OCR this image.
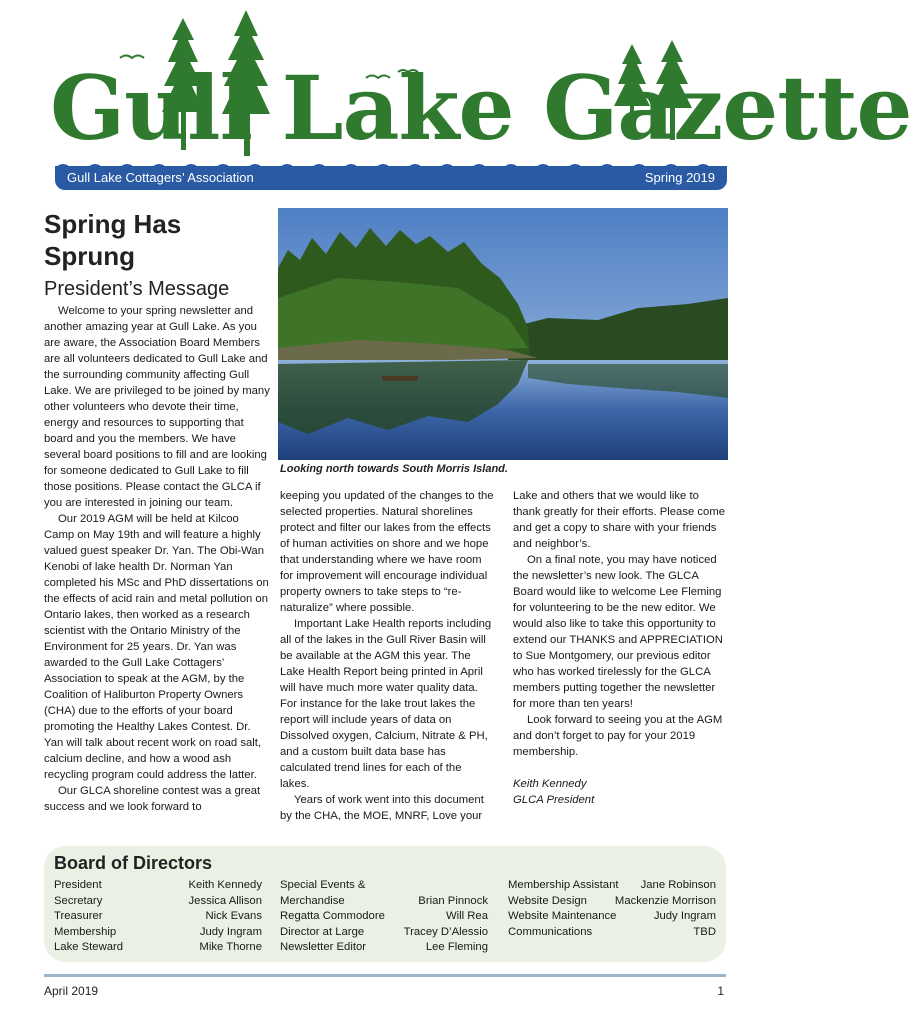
Gull Lake Gazette
Gull Lake Cottagers’ Association	Spring 2019
Spring Has
Sprung
President’s Message

Welcome to your spring newsletter and another amazing year at Gull Lake. As you are aware, the Association Board Members are all volunteers dedicated to Gull Lake and the surrounding community affecting Gull Lake. We are privileged to be joined by many other volunteers who devote their time, energy and resources to supporting that board and you the members. We have several board positions to fill and are looking for someone dedicated to Gull Lake to fill those positions. Please contact the GLCA if you are interested in joining our team.

Our 2019 AGM will be held at Kilcoo Camp on May 19th and will feature a highly valued guest speaker Dr. Yan. The Obi-Wan Kenobi of lake health Dr. Norman Yan completed his MSc and PhD dissertations on the effects of acid rain and metal pollution on Ontario lakes, then worked as a research scientist with the Ontario Ministry of the Environment for 25 years. Dr. Yan was awarded to the Gull Lake Cottagers’ Association to speak at the AGM, by the Coalition of Haliburton Property Owners (CHA) due to the efforts of your board promoting the Healthy Lakes Contest. Dr. Yan will talk about recent work on road salt, calcium decline, and how a wood ash recycling program could address the latter.

Our GLCA shoreline contest was a great success and we look forward to

Looking north towards South Morris Island.

keeping you updated of the changes to the selected properties. Natural shorelines protect and filter our lakes from the effects of human activities on shore and we hope that understanding where we have room for improvement will encourage individual property owners to take steps to “re-naturalize” where possible.

Important Lake Health reports including all of the lakes in the Gull River Basin will be available at the AGM this year. The Lake Health Report being printed in April will have much more water quality data. For instance for the lake trout lakes the report will include years of data on Dissolved oxygen, Calcium, Nitrate & PH, and a custom built data base has calculated trend lines for each of the lakes.

Years of work went into this document by the CHA, the MOE, MNRF, Love your

Lake and others that we would like to thank greatly for their efforts. Please come and get a copy to share with your friends and neighbor’s.

On a final note, you may have noticed the newsletter’s new look. The GLCA Board would like to welcome Lee Fleming for volunteering to be the new editor. We would also like to take this opportunity to extend our THANKS and APPRECIATION to Sue Montgomery, our previous editor who has worked tirelessly for the GLCA members putting together the newsletter for more than ten years!

Look forward to seeing you at the AGM and don’t forget to pay for your 2019 membership.

Keith Kennedy
GLCA President
Board of Directors
President	Keith Kennedy
Secretary	Jessica Allison
Treasurer	Nick Evans
Membership	Judy Ingram
Lake Steward	Mike Thorne
Special Events &
Merchandise	Brian Pinnock
Regatta Commodore	Will Rea
Director at Large	Tracey D’Alessio
Newsletter Editor	Lee Fleming
Membership Assistant Jane Robinson
Website Design Mackenzie Morrison
Website Maintenance	Judy Ingram
Communications	TBD
April 2019	1
